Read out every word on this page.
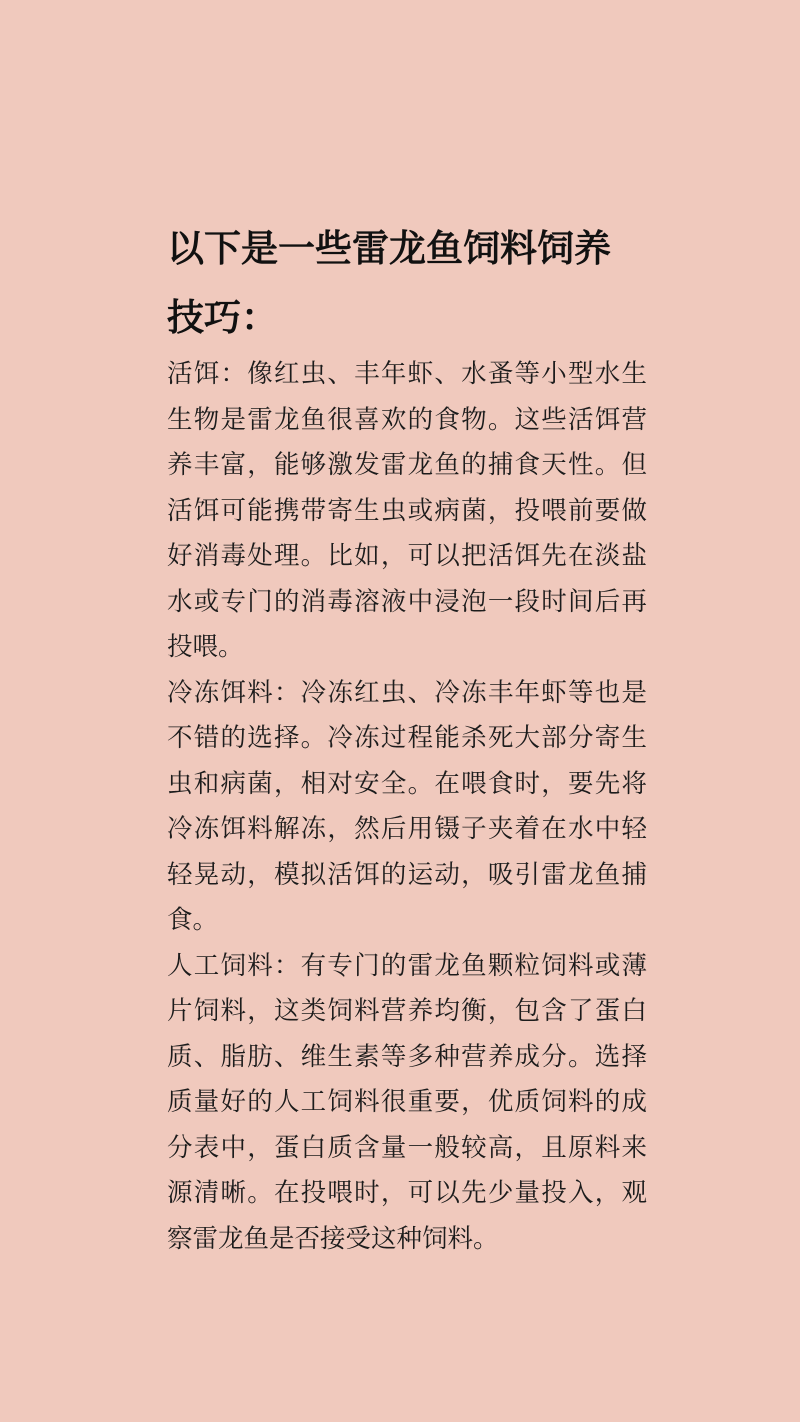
以下是一些雷龙鱼饲料饲养技巧：

活饵：像红虫、丰年虾、水蚤等小型水生生物是雷龙鱼很喜欢的食物。这些活饵营养丰富，能够激发雷龙鱼的捕食天性。但活饵可能携带寄生虫或病菌，投喂前要做好消毒处理。比如，可以把活饵先在淡盐水或专门的消毒溶液中浸泡一段时间后再投喂。

冷冻饵料：冷冻红虫、冷冻丰年虾等也是不错的选择。冷冻过程能杀死大部分寄生虫和病菌，相对安全。在喂食时，要先将冷冻饵料解冻，然后用镊子夹着在水中轻轻晃动，模拟活饵的运动，吸引雷龙鱼捕食。

人工饲料：有专门的雷龙鱼颗粒饲料或薄片饲料，这类饲料营养均衡，包含了蛋白质、脂肪、维生素等多种营养成分。选择质量好的人工饲料很重要，优质饲料的成分表中，蛋白质含量一般较高，且原料来源清晰。在投喂时，可以先少量投入，观察雷龙鱼是否接受这种饲料。
